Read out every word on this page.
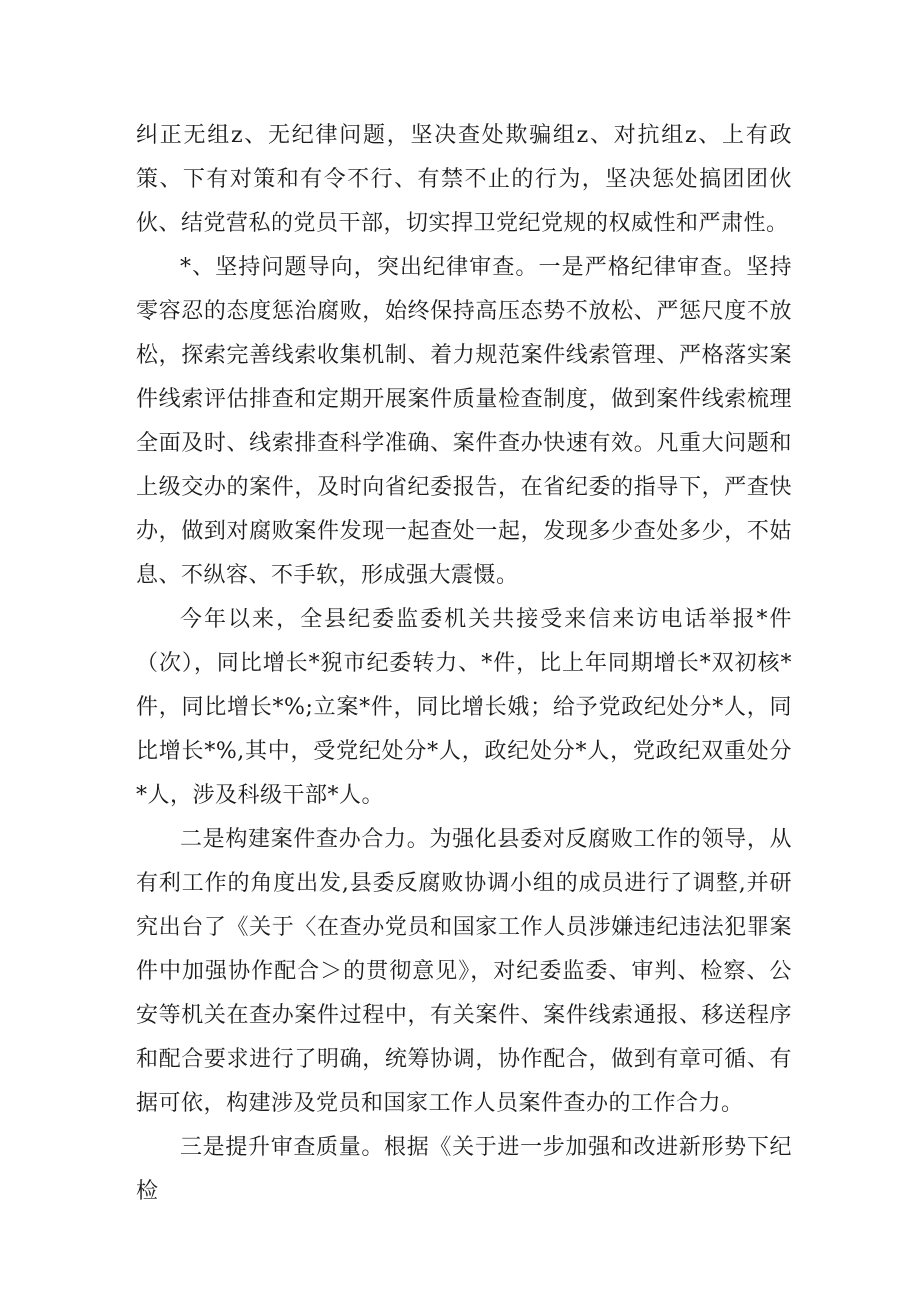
纠正无组z、无纪律问题，坚决查处欺骗组z、对抗组z、上有政策、下有对策和有令不行、有禁不止的行为，坚决惩处搞团团伙伙、结党营私的党员干部，切实捍卫党纪党规的权威性和严肃性。

*、坚持问题导向，突出纪律审查。一是严格纪律审查。坚持零容忍的态度惩治腐败，始终保持高压态势不放松、严惩尺度不放松，探索完善线索收集机制、着力规范案件线索管理、严格落实案件线索评估排查和定期开展案件质量检查制度，做到案件线索梳理全面及时、线索排查科学准确、案件查办快速有效。凡重大问题和上级交办的案件，及时向省纪委报告，在省纪委的指导下，严查快办，做到对腐败案件发现一起查处一起，发现多少查处多少，不姑息、不纵容、不手软，形成强大震慑。

今年以来，全县纪委监委机关共接受来信来访电话举报*件（次），同比增长*猊市纪委转力、*件，比上年同期增长*双初核*件，同比增长*%;立案*件，同比增长娥；给予党政纪处分*人，同比增长*%,其中，受党纪处分*人，政纪处分*人，党政纪双重处分*人，涉及科级干部*人。

二是构建案件查办合力。为强化县委对反腐败工作的领导，从有利工作的角度出发,县委反腐败协调小组的成员进行了调整,并研究出台了《关于〈在查办党员和国家工作人员涉嫌违纪违法犯罪案件中加强协作配合＞的贯彻意见》，对纪委监委、审判、检察、公安等机关在查办案件过程中，有关案件、案件线索通报、移送程序和配合要求进行了明确，统筹协调，协作配合，做到有章可循、有据可依，构建涉及党员和国家工作人员案件查办的工作合力。

三是提升审查质量。根据《关于进一步加强和改进新形势下纪检
